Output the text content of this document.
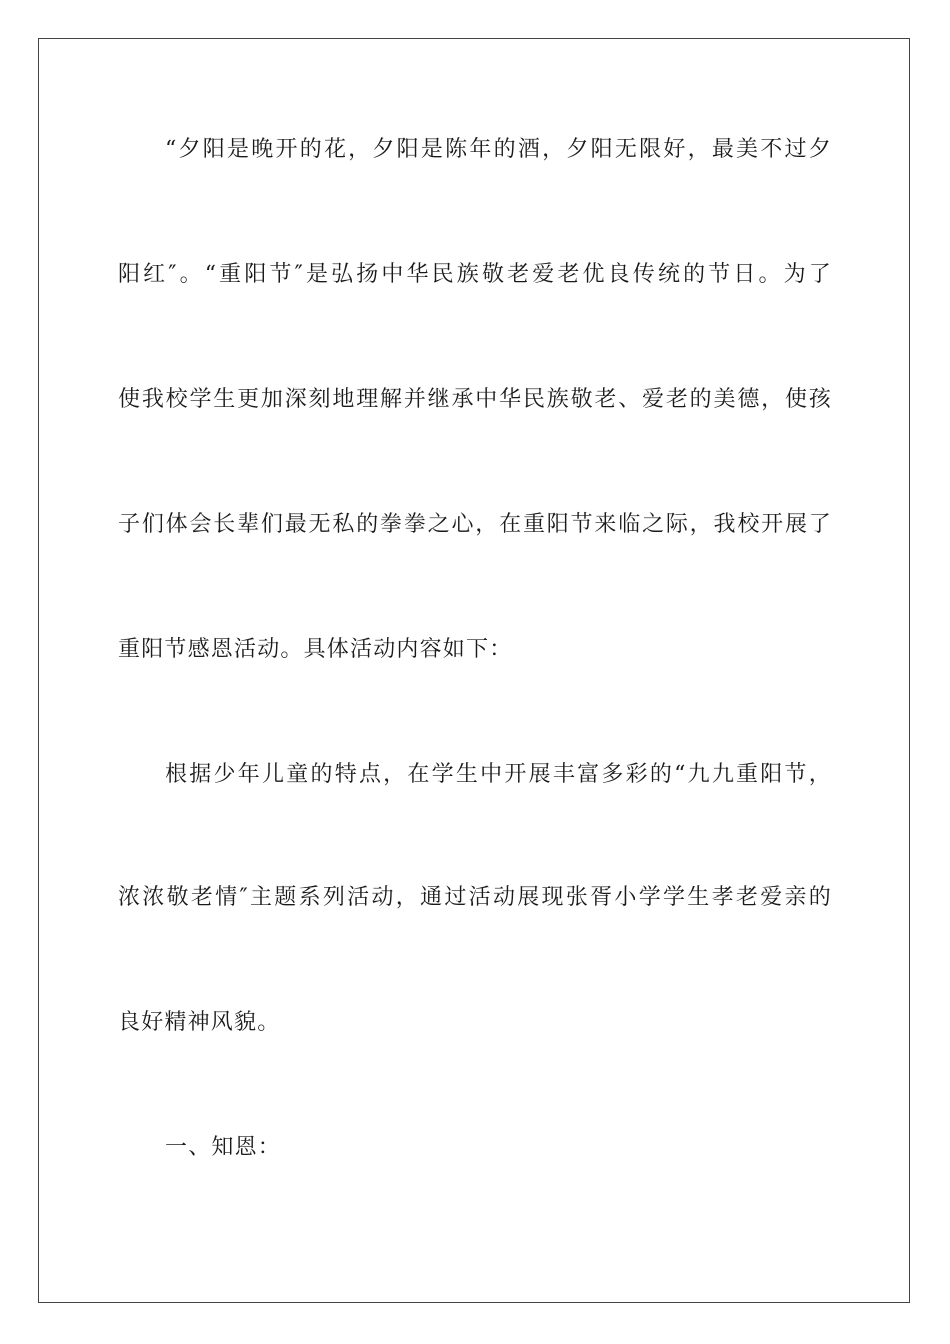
“夕阳是晚开的花，夕阳是陈年的酒，夕阳无限好，最美不过夕
阳红″。“重阳节″是弘扬中华民族敬老爱老优良传统的节日。为了
使我校学生更加深刻地理解并继承中华民族敬老、爱老的美德，使孩
子们体会长辈们最无私的拳拳之心，在重阳节来临之际，我校开展了
重阳节感恩活动。具体活动内容如下：
根据少年儿童的特点，在学生中开展丰富多彩的“九九重阳节，
浓浓敬老情″主题系列活动，通过活动展现张胥小学学生孝老爱亲的
良好精神风貌。
一、知恩：
